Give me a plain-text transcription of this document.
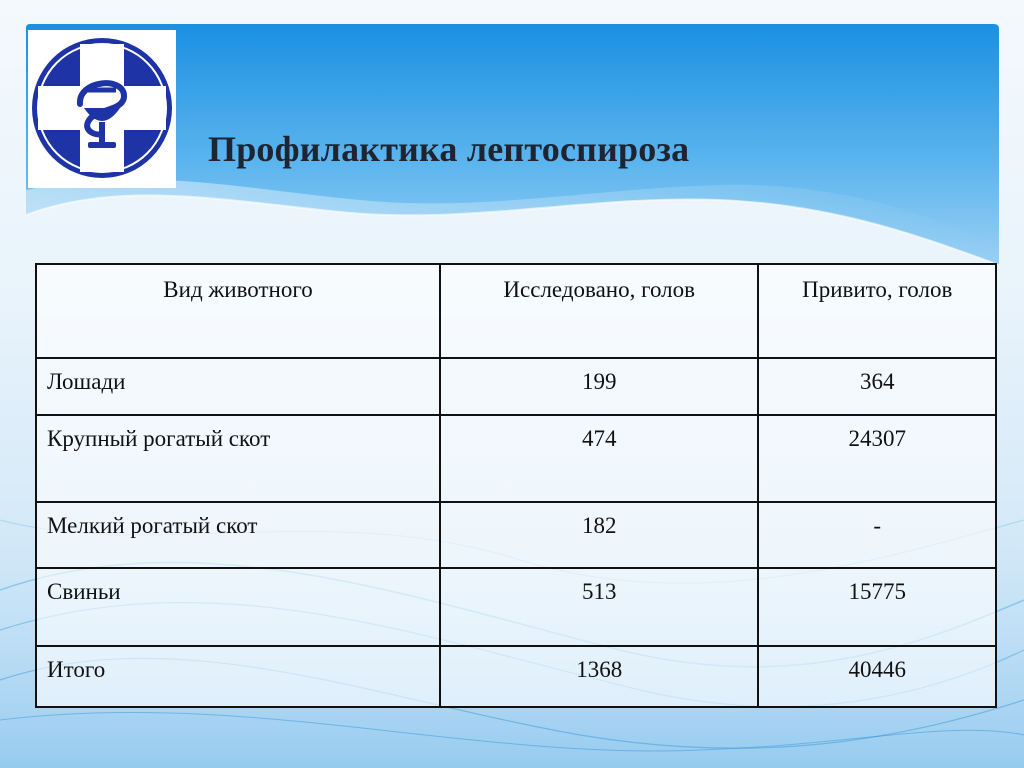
Профилактика лептоспироза
Вид животного	Исследовано, голов	Привито, голов
Лошади	199	364
Крупный рогатый скот	474	24307
Мелкий рогатый скот	182	-
Свиньи	513	15775
Итого	1368	40446
